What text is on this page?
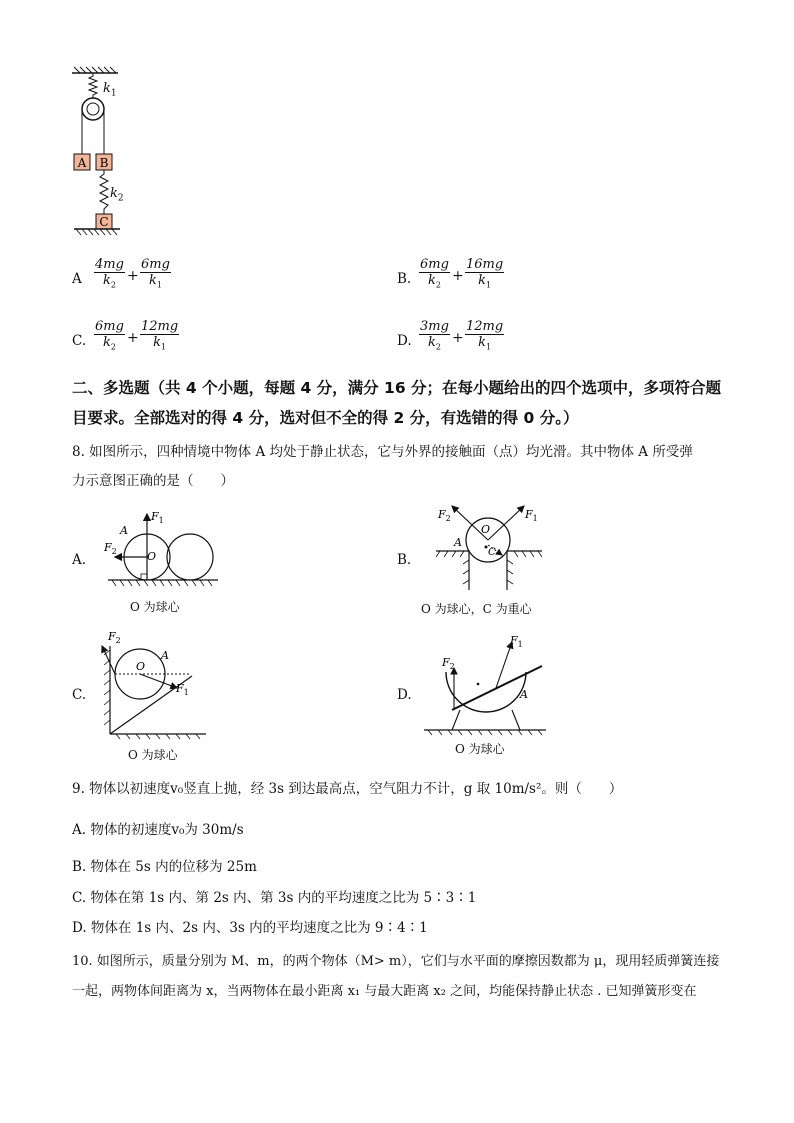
A B
C
$k_1$
$k_2$
A $\frac{4mg}{k_2} + \frac{6mg}{k_1}$	B. $\frac{6mg}{k_2} + \frac{16mg}{k_1}$
C. $\frac{6mg}{k_2} + \frac{12mg}{k_1}$	D. $\frac{3mg}{k_2} + \frac{12mg}{k_1}$
二、多选题（共 4 个小题，每题 4 分，满分 16 分；在每小题给出的四个选项中，多项符合题
目要求。全部选对的得 4 分，选对但不全的得 2 分，有选错的得 0 分。）
8. 如图所示，四种情境中物体 A 均处于静止状态，它与外界的接触面（点）均光滑。其中物体 A 所受弹
力示意图正确的是（　　）
A.
$F_1$
$F_2$
A
O
O 为球心
B.
$F_2$	$F_1$
O
A
C
O 为球心，C 为重心
C.
$F_2$
$F_1$
O
A
O 为球心
D.
$F_2$
$F_1$
A
O 为球心
9. 物体以初速度v₀竖直上抛，经 3s 到达最高点，空气阻力不计，g 取 10m/s²。则（　　）
A. 物体的初速度v₀为 30m/s
B. 物体在 5s 内的位移为 25m
C. 物体在第 1s 内、第 2s 内、第 3s 内的平均速度之比为 5∶3∶1
D. 物体在 1s 内、2s 内、3s 内的平均速度之比为 9∶4∶1
10. 如图所示，质量分别为 M、m，的两个物体（M> m），它们与水平面的摩擦因数都为 μ，现用轻质弹簧连接
一起，两物体间距离为 x，当两物体在最小距离 x₁ 与最大距离 x₂ 之间，均能保持静止状态 . 已知弹簧形变在
